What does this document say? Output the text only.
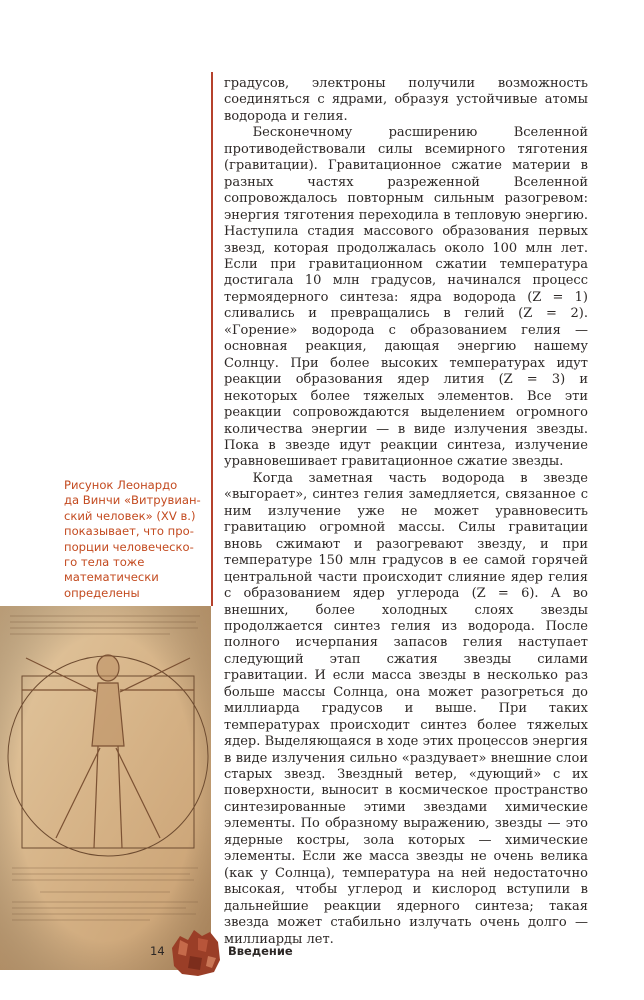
Рисунок Леонардо

да Винчи «Витрувиан-

ский человек» (XV в.)

показывает, что про-

порции человеческо-

го тела тоже

математически

определены

градусов, электроны получили возможность соединяться с ядрами, образуя устойчивые атомы водорода и гелия.

Бесконечному расширению Вселенной противодействовали силы всемирного тяготения (гравитации). Гравитационное сжатие материи в разных частях разреженной Вселенной сопровождалось повторным сильным разогревом: энергия тяготения переходила в тепловую энергию. Наступила стадия массового образования первых звезд, которая продолжалась около 100 млн лет. Если при гравитационном сжатии температура достигала 10 млн градусов, начинался процесс термоядерного синтеза: ядра водорода (Z = 1) сливались и превращались в гелий (Z = 2). «Горение» водорода с образованием гелия — основная реакция, дающая энергию нашему Солнцу. При более высоких температурах идут реакции образования ядер лития (Z = 3) и некоторых более тяжелых элементов. Все эти реакции сопровождаются выделением огромного количества энергии — в виде излучения звезды. Пока в звезде идут реакции синтеза, излучение уравновешивает гравитационное сжатие звезды.

Когда заметная часть водорода в звезде «выгорает», синтез гелия замедляется, связанное с ним излучение уже не может уравновесить гравитацию огромной массы. Силы гравитации вновь сжимают и разогревают звезду, и при температуре 150 млн градусов в ее самой горячей центральной части происходит слияние ядер гелия с образованием ядер углерода (Z = 6). А во внешних, более холодных слоях звезды продолжается синтез гелия из водорода. После полного исчерпания запасов гелия наступает следующий этап сжатия звезды силами гравитации. И если масса звезды в несколько раз больше массы Солнца, она может разогреться до миллиарда градусов и выше. При таких температурах происходит синтез более тяжелых ядер. Выделяющаяся в ходе этих процессов энергия в виде излучения сильно «раздувает» внешние слои старых звезд. Звездный ветер, «дующий» с их поверхности, выносит в космическое пространство синтезированные этими звездами химические элементы. По образному выражению, звезды — это ядерные костры, зола которых — химические элементы. Если же масса звезды не очень велика (как у Солнца), температура на ней недостаточно высокая, чтобы углерод и кислород вступили в дальнейшие реакции ядерного синтеза; такая звезда может стабильно излучать очень долго — миллиарды лет.

14	Введение
